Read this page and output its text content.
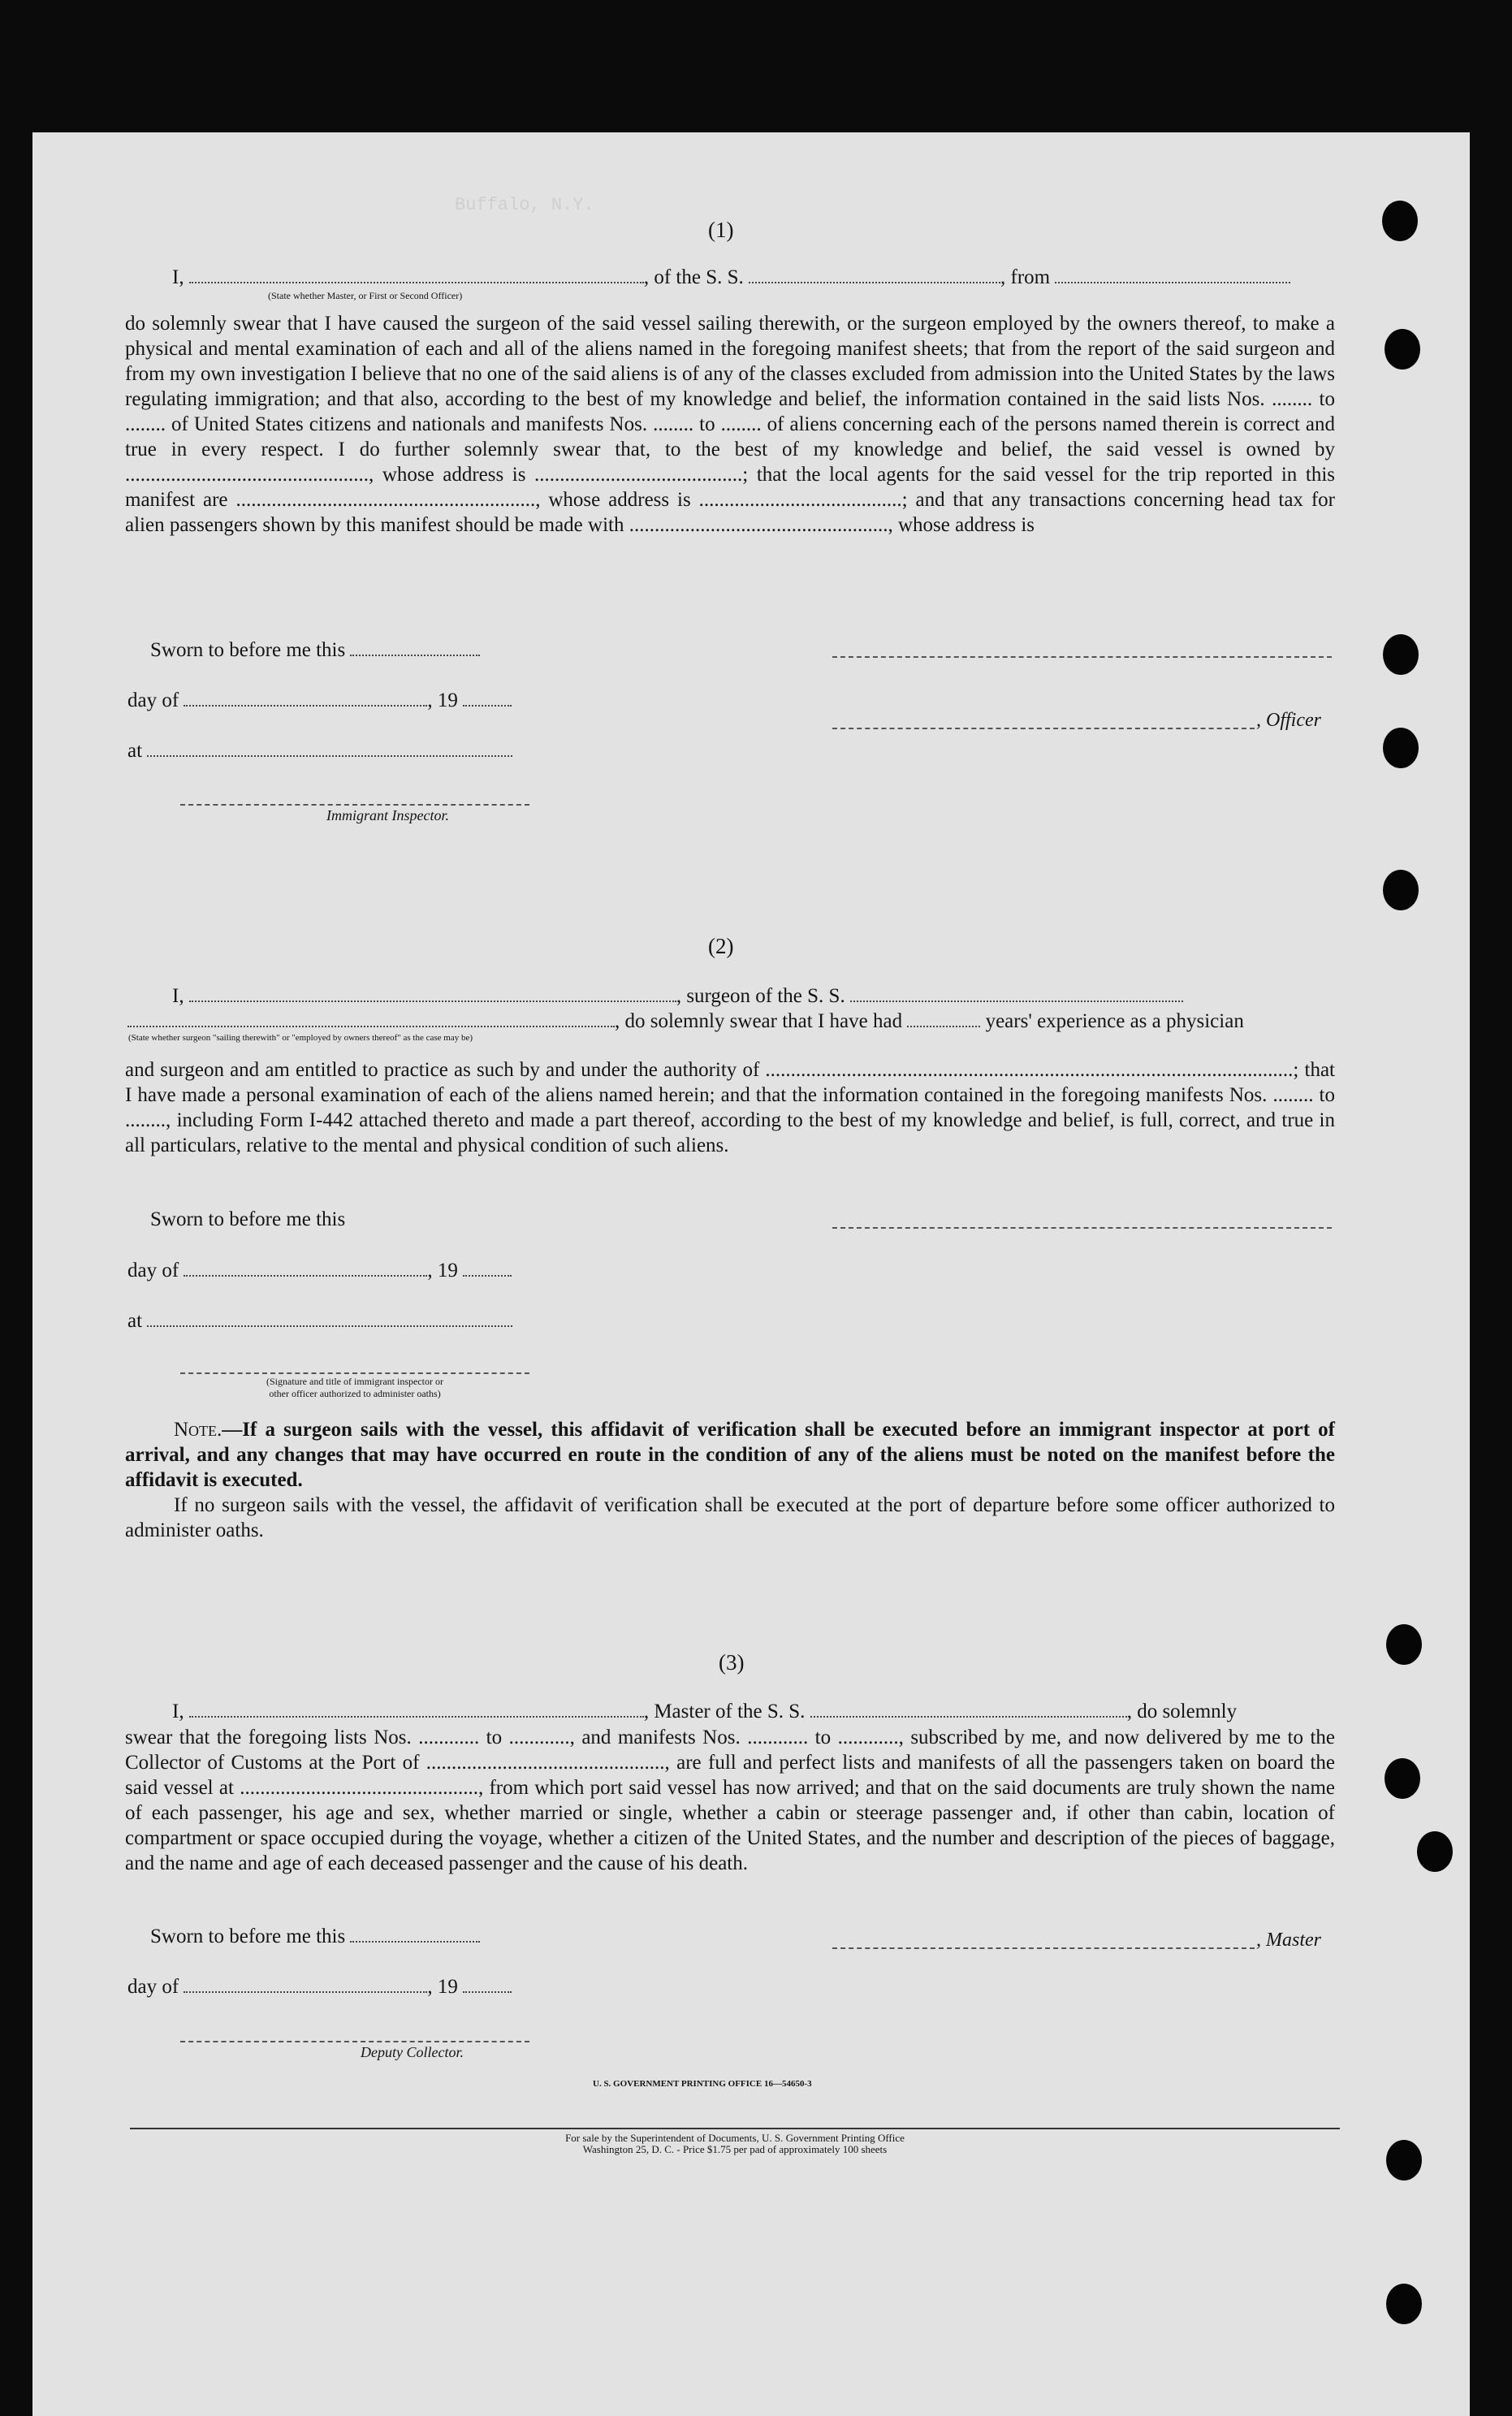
Buffalo, N.Y.
(1)
I,	, of the S. S.	, from
(State whether Master, or First or Second Officer)
do solemnly swear that I have caused the surgeon of the said vessel sailing therewith, or the surgeon employed by the owners thereof, to make a physical and mental examination of each and all of the aliens named in the foregoing manifest sheets; that from the report of the said surgeon and from my own investigation I believe that no one of the said aliens is of any of the classes excluded from admission into the United States by the laws regulating immigration; and that also, according to the best of my knowledge and belief, the information contained in the said lists Nos. ........ to ........ of United States citizens and nationals and manifests Nos. ........ to ........ of aliens concerning each of the persons named therein is correct and true in every respect. I do further solemnly swear that, to the best of my knowledge and belief, the said vessel is owned by ................................................, whose address is .........................................; that the local agents for the said vessel for the trip reported in this manifest are ..........................................................., whose address is ........................................; and that any transactions concerning head tax for alien passengers shown by this manifest should be made with ..................................................., whose address is
Sworn to before me this
day of	, 19
at
Immigrant Inspector.
, Officer
(2)
I,	, surgeon of the S. S.
, do solemnly swear that I have had	years' experience as a physician
(State whether surgeon "sailing therewith" or "employed by owners thereof" as the case may be)
and surgeon and am entitled to practice as such by and under the authority of ........................................................................................................; that I have made a personal examination of each of the aliens named herein; and that the information contained in the foregoing manifests Nos. ........ to ........, including Form I-442 attached thereto and made a part thereof, according to the best of my knowledge and belief, is full, correct, and true in all particulars, relative to the mental and physical condition of such aliens.
Sworn to before me this
day of	, 19
at
(Signature and title of immigrant inspector or
other officer authorized to administer oaths)
Note.—If a surgeon sails with the vessel, this affidavit of verification shall be executed before an immigrant inspector at port of arrival, and any changes that may have occurred en route in the condition of any of the aliens must be noted on the manifest before the affidavit is executed.
If no surgeon sails with the vessel, the affidavit of verification shall be executed at the port of departure before some officer authorized to administer oaths.
(3)
I,	, Master of the S. S.	, do solemnly
swear that the foregoing lists Nos. ............ to ............, and manifests Nos. ............ to ............, subscribed by me, and now delivered by me to the Collector of Customs at the Port of ..............................................., are full and perfect lists and manifests of all the passengers taken on board the said vessel at ..............................................., from which port said vessel has now arrived; and that on the said documents are truly shown the name of each passenger, his age and sex, whether married or single, whether a cabin or steerage passenger and, if other than cabin, location of compartment or space occupied during the voyage, whether a citizen of the United States, and the number and description of the pieces of baggage, and the name and age of each deceased passenger and the cause of his death.
Sworn to before me this
day of	, 19
, Master
Deputy Collector.
U. S. GOVERNMENT PRINTING OFFICE 16—54650-3
For sale by the Superintendent of Documents, U. S. Government Printing Office
Washington 25, D. C. - Price $1.75 per pad of approximately 100 sheets
